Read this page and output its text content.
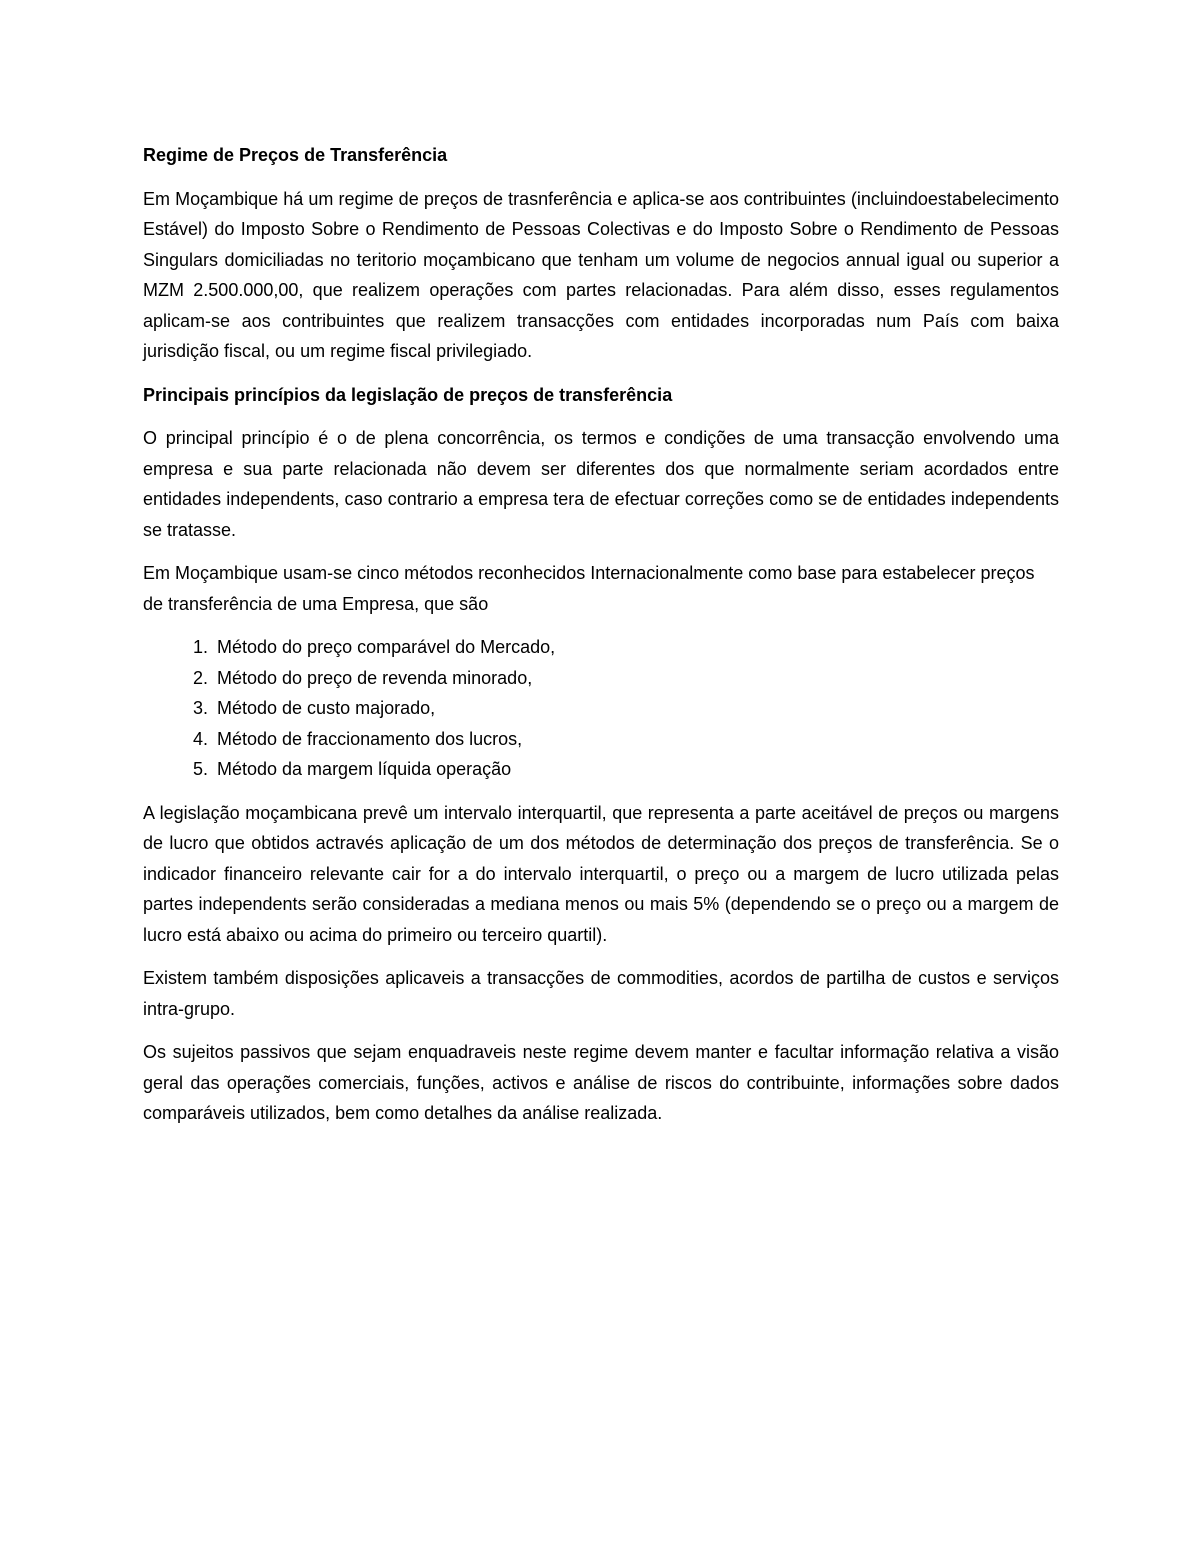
Regime de Preços de Transferência

Em Moçambique há um regime de preços de trasnferência e aplica-se aos contribuintes (incluindoestabelecimento Estável) do Imposto Sobre o Rendimento de Pessoas Colectivas e do Imposto Sobre o Rendimento de Pessoas Singulars domiciliadas no teritorio moçambicano que tenham um volume de negocios annual igual ou superior a MZM 2.500.000,00, que realizem operações com partes relacionadas. Para além disso, esses regulamentos aplicam-se aos contribuintes que realizem transacções com entidades incorporadas num País com baixa jurisdição fiscal, ou um regime fiscal privilegiado.

Principais princípios da legislação de preços de transferência

O principal princípio é o de plena concorrência, os termos e condições de uma transacção envolvendo uma empresa e sua parte relacionada não devem ser diferentes dos que normalmente seriam acordados entre entidades independents, caso contrario a empresa tera de efectuar correções como se de entidades independents se tratasse.

Em Moçambique usam-se cinco métodos reconhecidos Internacionalmente como base para estabelecer preços de transferência de uma Empresa, que são

1. Método do preço comparável do Mercado,
2. Método do preço de revenda minorado,
3. Método de custo majorado,
4. Método de fraccionamento dos lucros,
5. Método da margem líquida operação

A legislação moçambicana prevê um intervalo interquartil, que representa a parte aceitável de preços ou margens de lucro que obtidos actravés aplicação de um dos métodos de determinação dos preços de transferência. Se o indicador financeiro relevante cair for a do intervalo interquartil, o preço ou a margem de lucro utilizada pelas partes independents serão consideradas a mediana menos ou mais 5% (dependendo se o preço ou a margem de lucro está abaixo ou acima do primeiro ou terceiro quartil).

Existem também disposições aplicaveis a transacções de commodities, acordos de partilha de custos e serviços intra-grupo.

Os sujeitos passivos que sejam enquadraveis neste regime devem manter e facultar informação relativa a visão geral das operações comerciais, funções, activos e análise de riscos do contribuinte, informações sobre dados comparáveis utilizados, bem como detalhes da análise realizada.
